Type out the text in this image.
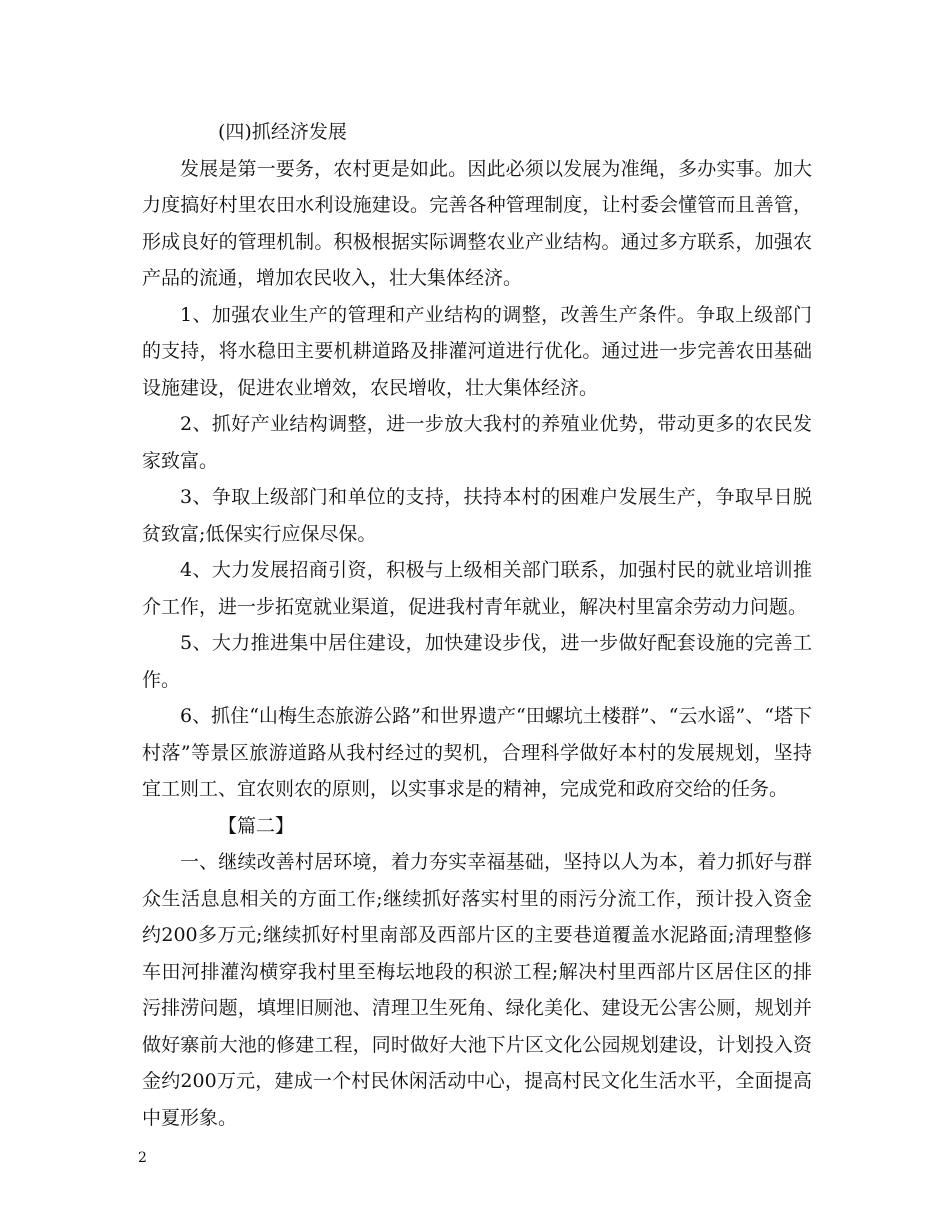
(四)抓经济发展

发展是第一要务，农村更是如此。因此必须以发展为准绳，多办实事。加大力度搞好村里农田水利设施建设。完善各种管理制度，让村委会懂管而且善管，形成良好的管理机制。积极根据实际调整农业产业结构。通过多方联系，加强农产品的流通，增加农民收入，壮大集体经济。

1、加强农业生产的管理和产业结构的调整，改善生产条件。争取上级部门的支持，将水稳田主要机耕道路及排灌河道进行优化。通过进一步完善农田基础设施建设，促进农业增效，农民增收，壮大集体经济。

2、抓好产业结构调整，进一步放大我村的养殖业优势，带动更多的农民发家致富。

3、争取上级部门和单位的支持，扶持本村的困难户发展生产，争取早日脱贫致富;低保实行应保尽保。

4、大力发展招商引资，积极与上级相关部门联系，加强村民的就业培训推介工作，进一步拓宽就业渠道，促进我村青年就业，解决村里富余劳动力问题。

5、大力推进集中居住建设，加快建设步伐，进一步做好配套设施的完善工作。

6、抓住“山梅生态旅游公路”和世界遗产“田螺坑土楼群”、“云水谣”、“塔下村落”等景区旅游道路从我村经过的契机，合理科学做好本村的发展规划，坚持宜工则工、宜农则农的原则，以实事求是的精神，完成党和政府交给的任务。

【篇二】

一、继续改善村居环境，着力夯实幸福基础，坚持以人为本，着力抓好与群众生活息息相关的方面工作;继续抓好落实村里的雨污分流工作，预计投入资金约200多万元;继续抓好村里南部及西部片区的主要巷道覆盖水泥路面;清理整修车田河排灌沟横穿我村里至梅坛地段的积淤工程;解决村里西部片区居住区的排污排涝问题，填埋旧厕池、清理卫生死角、绿化美化、建设无公害公厕，规划并做好寨前大池的修建工程，同时做好大池下片区文化公园规划建设，计划投入资金约200万元，建成一个村民休闲活动中心，提高村民文化生活水平，全面提高中夏形象。

2
